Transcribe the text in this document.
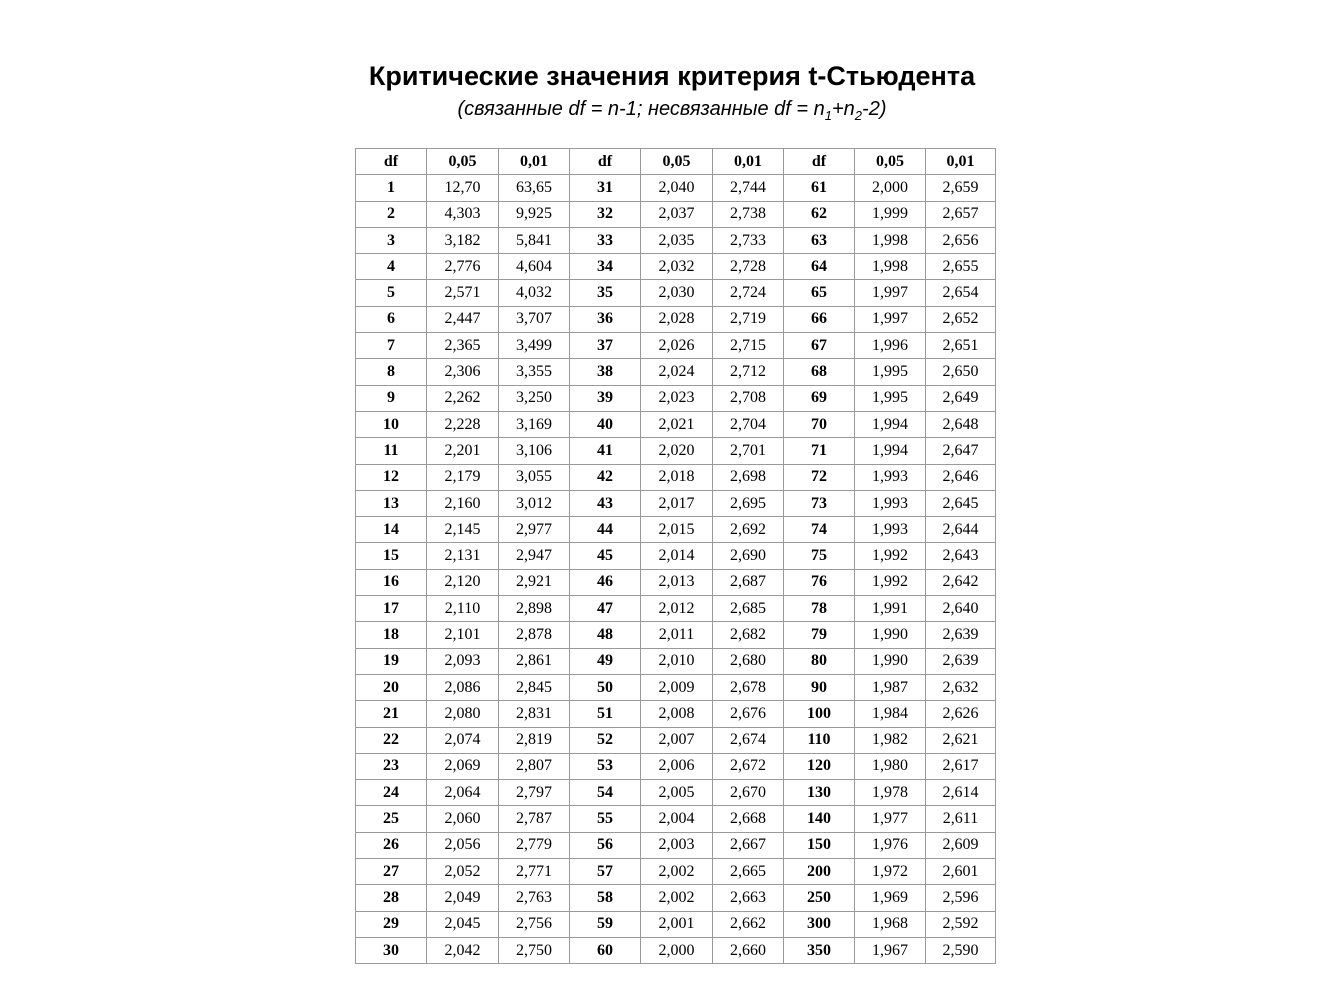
Критические значения критерия t-Стьюдента
(связанные df = n-1; несвязанные df = $n_1+n_2-2$)
df	0,05	0,01	df	0,05	0,01	df	0,05	0,01
1	12,70	63,65	31	2,040	2,744	61	2,000	2,659
2	4,303	9,925	32	2,037	2,738	62	1,999	2,657
3	3,182	5,841	33	2,035	2,733	63	1,998	2,656
4	2,776	4,604	34	2,032	2,728	64	1,998	2,655
5	2,571	4,032	35	2,030	2,724	65	1,997	2,654
6	2,447	3,707	36	2,028	2,719	66	1,997	2,652
7	2,365	3,499	37	2,026	2,715	67	1,996	2,651
8	2,306	3,355	38	2,024	2,712	68	1,995	2,650
9	2,262	3,250	39	2,023	2,708	69	1,995	2,649
10	2,228	3,169	40	2,021	2,704	70	1,994	2,648
11	2,201	3,106	41	2,020	2,701	71	1,994	2,647
12	2,179	3,055	42	2,018	2,698	72	1,993	2,646
13	2,160	3,012	43	2,017	2,695	73	1,993	2,645
14	2,145	2,977	44	2,015	2,692	74	1,993	2,644
15	2,131	2,947	45	2,014	2,690	75	1,992	2,643
16	2,120	2,921	46	2,013	2,687	76	1,992	2,642
17	2,110	2,898	47	2,012	2,685	78	1,991	2,640
18	2,101	2,878	48	2,011	2,682	79	1,990	2,639
19	2,093	2,861	49	2,010	2,680	80	1,990	2,639
20	2,086	2,845	50	2,009	2,678	90	1,987	2,632
21	2,080	2,831	51	2,008	2,676	100	1,984	2,626
22	2,074	2,819	52	2,007	2,674	110	1,982	2,621
23	2,069	2,807	53	2,006	2,672	120	1,980	2,617
24	2,064	2,797	54	2,005	2,670	130	1,978	2,614
25	2,060	2,787	55	2,004	2,668	140	1,977	2,611
26	2,056	2,779	56	2,003	2,667	150	1,976	2,609
27	2,052	2,771	57	2,002	2,665	200	1,972	2,601
28	2,049	2,763	58	2,002	2,663	250	1,969	2,596
29	2,045	2,756	59	2,001	2,662	300	1,968	2,592
30	2,042	2,750	60	2,000	2,660	350	1,967	2,590
